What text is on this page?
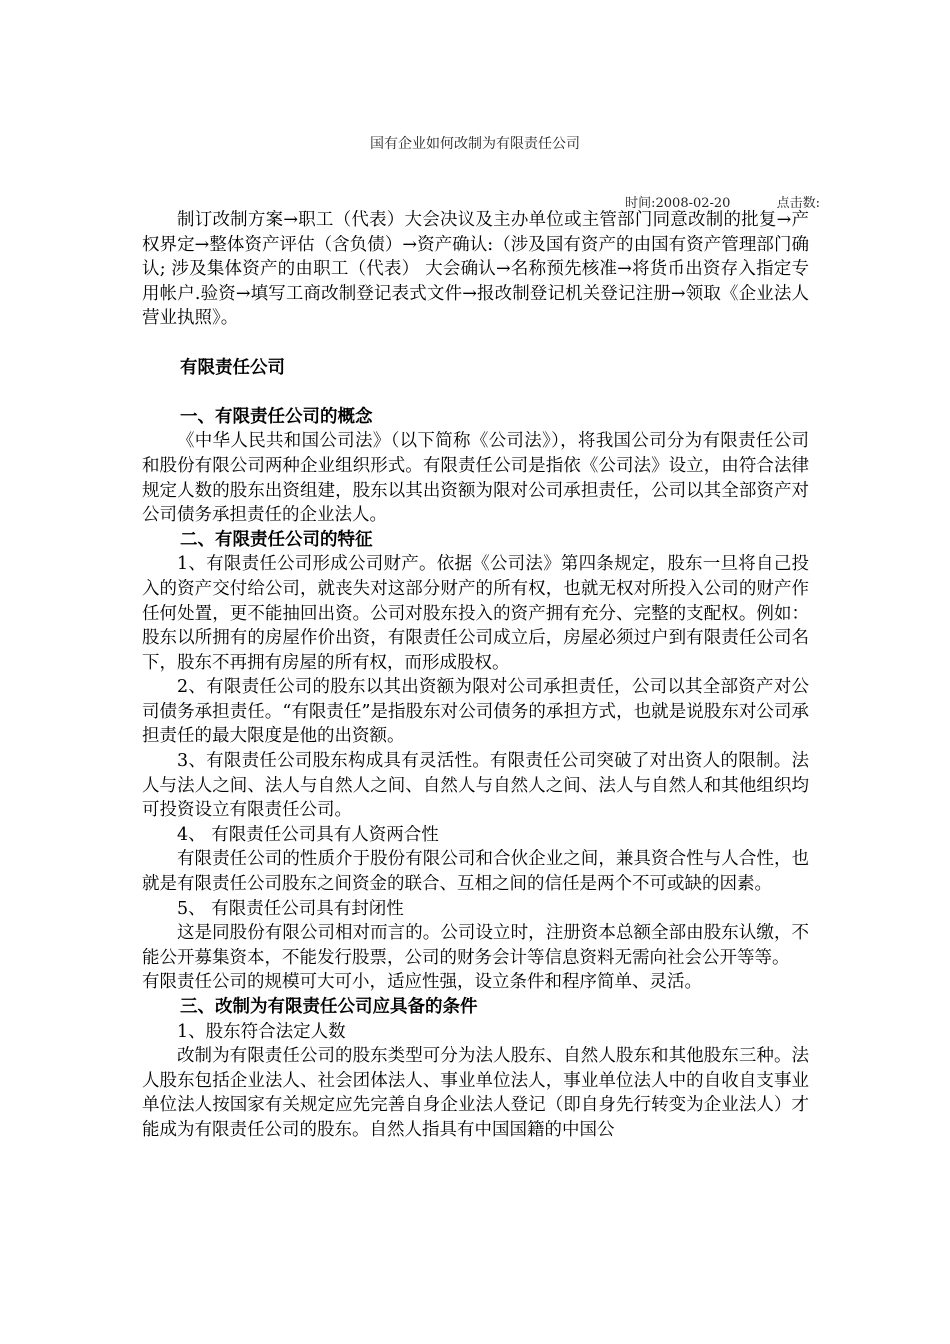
国有企业如何改制为有限责任公司
时间:2008-02-20	点击数:

制订改制方案→职工（代表）大会决议及主办单位或主管部门同意改制的批复→产权界定→整体资产评估（含负债）→资产确认:（涉及国有资产的由国有资产管理部门确认; 涉及集体资产的由职工（代表） 大会确认→名称预先核准→将货币出资存入指定专用帐户.验资→填写工商改制登记表式文件→报改制登记机关登记注册→领取《企业法人营业执照》。

有限责任公司

一、有限责任公司的概念

《中华人民共和国公司法》（以下简称《公司法》），将我国公司分为有限责任公司和股份有限公司两种企业组织形式。有限责任公司是指依《公司法》设立，由符合法律规定人数的股东出资组建，股东以其出资额为限对公司承担责任，公司以其全部资产对公司债务承担责任的企业法人。

二、有限责任公司的特征

1、有限责任公司形成公司财产。依据《公司法》第四条规定，股东一旦将自己投入的资产交付给公司，就丧失对这部分财产的所有权，也就无权对所投入公司的财产作任何处置，更不能抽回出资。公司对股东投入的资产拥有充分、完整的支配权。例如：股东以所拥有的房屋作价出资，有限责任公司成立后，房屋必须过户到有限责任公司名下，股东不再拥有房屋的所有权，而形成股权。

2、有限责任公司的股东以其出资额为限对公司承担责任，公司以其全部资产对公司债务承担责任。“有限责任”是指股东对公司债务的承担方式，也就是说股东对公司承担责任的最大限度是他的出资额。

3、有限责任公司股东构成具有灵活性。有限责任公司突破了对出资人的限制。法人与法人之间、法人与自然人之间、自然人与自然人之间、法人与自然人和其他组织均可投资设立有限责任公司。

4、 有限责任公司具有人资两合性

有限责任公司的性质介于股份有限公司和合伙企业之间，兼具资合性与人合性，也就是有限责任公司股东之间资金的联合、互相之间的信任是两个不可或缺的因素。

5、 有限责任公司具有封闭性

这是同股份有限公司相对而言的。公司设立时，注册资本总额全部由股东认缴，不能公开募集资本，不能发行股票，公司的财务会计等信息资料无需向社会公开等等。

有限责任公司的规模可大可小，适应性强，设立条件和程序简单、灵活。

三、改制为有限责任公司应具备的条件

1、股东符合法定人数

改制为有限责任公司的股东类型可分为法人股东、自然人股东和其他股东三种。法人股东包括企业法人、社会团体法人、事业单位法人，事业单位法人中的自收自支事业单位法人按国家有关规定应先完善自身企业法人登记（即自身先行转变为企业法人）才能成为有限责任公司的股东。自然人指具有中国国籍的中国公
